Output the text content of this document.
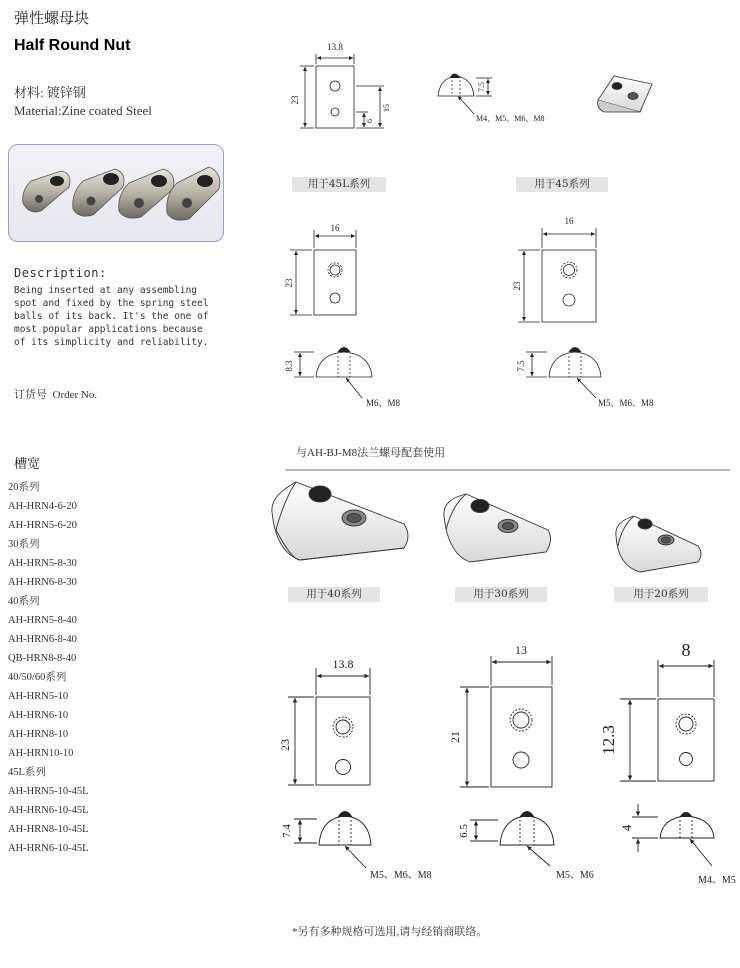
弹性螺母块
Half Round Nut
材料: 镀锌钢
Material:Zine coated Steel
Description:
Being inserted at any assembling
spot and fixed by the spring steel
balls of its back. It's the one of
most popular applications because
of its simplicity and reliability.
订货号  Order No.
槽宽
20系列
AH-HRN4-6-20
AH-HRN5-6-20
30系列
AH-HRN5-8-30
AH-HRN6-8-30
40系列
AH-HRN5-8-40
AH-HRN6-8-40
QB-HRN8-8-40
40/50/60系列
AH-HRN5-10
AH-HRN6-10
AH-HRN8-10
AH-HRN10-10
45L系列
AH-HRN5-10-45L
AH-HRN6-10-45L
AH-HRN8-10-45L
AH-HRN6-10-45L
13.8
23
6
15
7.5
M4、M5、M6、M8
16
23
8.3
M6、M8
16
23
7.5
M5、M6、M8
13.8
23
7.4
M5、M6、M8
13
21
6.5
M5、M6
8
12.3
4
M4、M5
用于45L系列	用于45系列
用于40系列	用于30系列	用于20系列
与AH-BJ-M8法兰螺母配套使用
*另有多种规格可选用,请与经销商联络。
